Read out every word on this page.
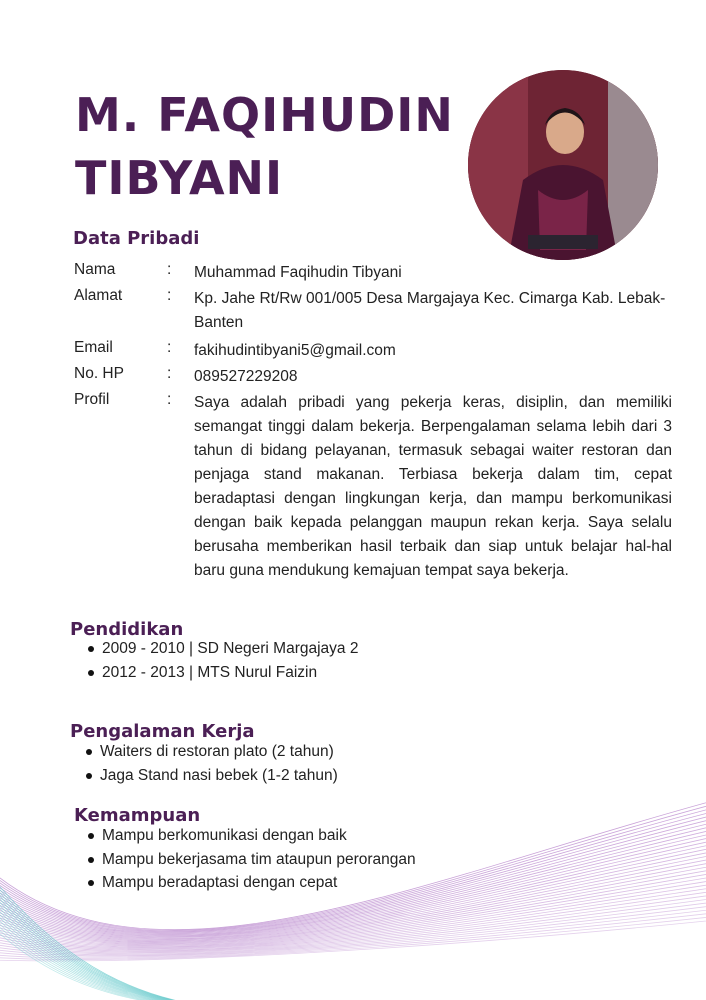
M. FAQIHUDIN
TIBYANI
Data Pribadi
Nama	: Muhammad Faqihudin Tibyani
Alamat	: Kp. Jahe Rt/Rw 001/005 Desa Margajaya Kec. Cimarga Kab. Lebak-Banten
Email	: fakihudintibyani5@gmail.com
No. HP	: 089527229208
Profil	: Saya adalah pribadi yang pekerja keras, disiplin, dan memiliki semangat tinggi dalam bekerja. Berpengalaman selama lebih dari 3 tahun di bidang pelayanan, termasuk sebagai waiter restoran dan penjaga stand makanan. Terbiasa bekerja dalam tim, cepat beradaptasi dengan lingkungan kerja, dan mampu berkomunikasi dengan baik kepada pelanggan maupun rekan kerja. Saya selalu berusaha memberikan hasil terbaik dan siap untuk belajar hal-hal baru guna mendukung kemajuan tempat saya bekerja.
Pendidikan
2009 - 2010 | SD Negeri Margajaya 2
2012 - 2013 | MTS Nurul Faizin
Pengalaman Kerja
Waiters di restoran plato (2 tahun)
Jaga Stand nasi bebek (1-2 tahun)
Kemampuan
Mampu berkomunikasi dengan baik
Mampu bekerjasama tim ataupun perorangan
Mampu beradaptasi dengan cepat
